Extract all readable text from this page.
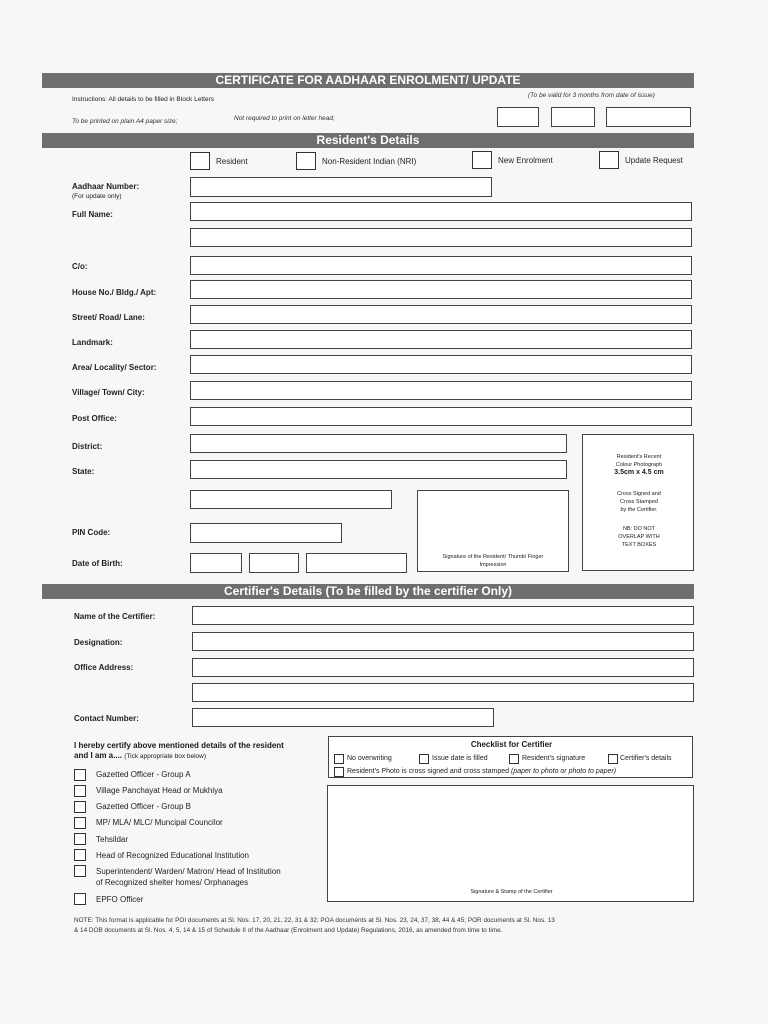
CERTIFICATE FOR AADHAAR ENROLMENT/ UPDATE
Instructions: All details to be filled in Block Letters
(To be valid for 3 months from date of issue)
To be printed on plain A4 paper size;	Not required to print on letter head;
Resident's Details
Resident	Non-Resident Indian (NRI)	New Enrolment	Update Request
Aadhaar Number:
(For update only)
Full Name:
C/o:
House No./ Bldg./ Apt:
Street/ Road/ Lane:
Landmark:
Area/ Locality/ Sector:
Village/ Town/ City:
Post Office:
District:
State:
Resident's Recent
Colour Photograph
3.5cm x 4.5 cm
Cross Signed and
Cross Stamped
by the Certifier.
NB: DO NOT
OVERLAP WITH
TEXT BOXES
Signature of the Resident/ Thumb/ Finger Impression
PIN Code:
Date of Birth:
Certifier's Details (To be filled by the certifier Only)
Name of the Certifier:
Designation:
Office Address:
Contact Number:
I hereby certify above mentioned details of the resident
and I am a.... (Tick appropriate box below)
Gazetted Officer - Group A
Village Panchayat Head or Mukhiya
Gazetted Officer - Group B
MP/ MLA/ MLC/ Muncipal Councilor
Tehsildar
Head of Recognized Educational Institution
Superintendent/ Warden/ Matron/ Head of Institution
of Recognized shelter homes/ Orphanages
EPFO Officer
Checklist for Certifier
No overwriting	Issue date is filled	Resident's signature	Certifier's details
Resident's Photo is cross signed and cross stamped (paper to photo or photo to paper)
Signature & Stamp of the Certifier
NOTE: This format is applicable for POI documents at Sl. Nos. 17, 20, 21, 22, 31 & 32; POA documents at Sl. Nos. 23, 24, 37, 38, 44 & 45; POR documents at Sl. Nos. 13
& 14 DOB documents at Sl. Nos. 4, 5, 14 & 15 of Schedule II of the Aadhaar (Enrolment and Update) Regulations, 2016, as amended from time to time.
